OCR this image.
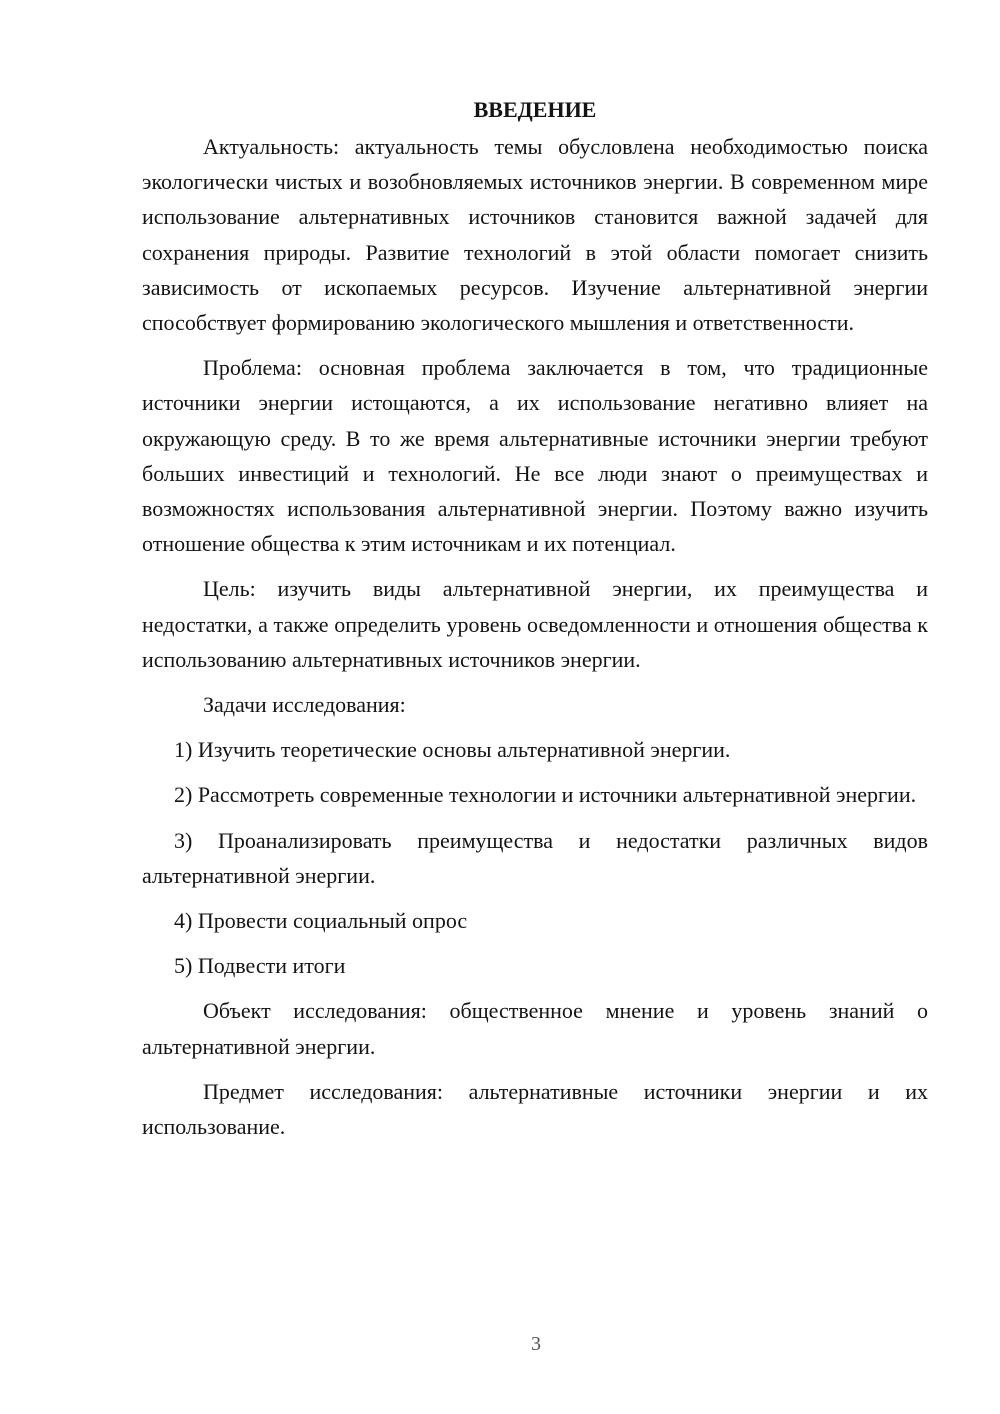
ВВЕДЕНИЕ

Актуальность: актуальность темы обусловлена необходимостью поиска экологически чистых и возобновляемых источников энергии. В современном мире использование альтернативных источников становится важной задачей для сохранения природы. Развитие технологий в этой области помогает снизить зависимость от ископаемых ресурсов. Изучение альтернативной энергии способствует формированию экологического мышления и ответственности.

Проблема: основная проблема заключается в том, что традиционные источники энергии истощаются, а их использование негативно влияет на окружающую среду. В то же время альтернативные источники энергии требуют больших инвестиций и технологий. Не все люди знают о преимуществах и возможностях использования альтернативной энергии. Поэтому важно изучить отношение общества к этим источникам и их потенциал.

Цель: изучить виды альтернативной энергии, их преимущества и недостатки, а также определить уровень осведомленности и отношения общества к использованию альтернативных источников энергии.

Задачи исследования:

1) Изучить теоретические основы альтернативной энергии.

2) Рассмотреть современные технологии и источники альтернативной энергии.

3) Проанализировать преимущества и недостатки различных видов альтернативной энергии.

4) Провести социальный опрос

5) Подвести итоги

Объект исследования: общественное мнение и уровень знаний о альтернативной энергии.

Предмет исследования: альтернативные источники энергии и их использование.

3
